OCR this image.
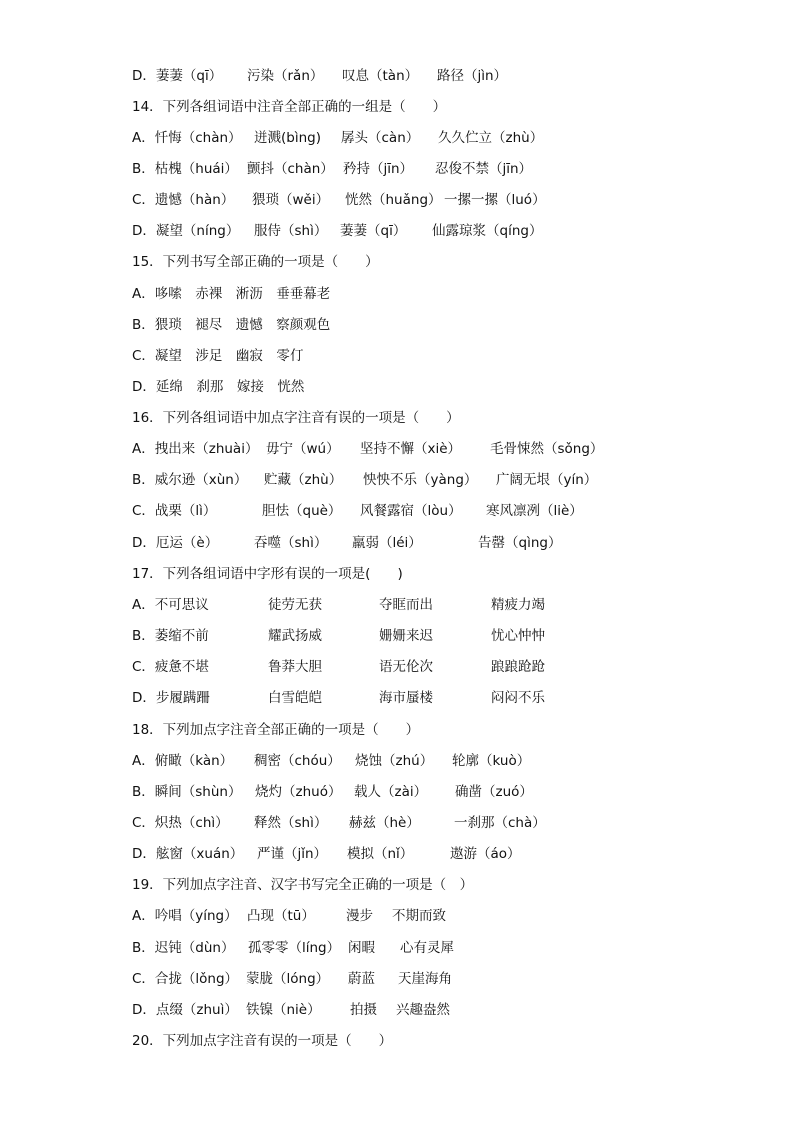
D．萋萋（qī）

污染（rǎn）

叹息（tàn）

路径（jìn）

14．下列各组词语中注音全部正确的一组是（　　）

A．忏悔（chàn）

迸溅(bìng)

孱头（càn）

久久伫立（zhù）

B．枯槐（huái）

颤抖（chàn）

矜持（jīn）

忍俊不禁（jīn）

C．遗憾（hàn）

猥琐（wěi）

恍然（huǎng）

一摞一摞（luó）

D．凝望（níng）

服侍（shì）

萋萋（qī）

仙露琼浆（qíng）

15．下列书写全部正确的一项是（　　）

A．哆嗦　赤裸　淅沥　垂垂幕老

B．猥琐　褪尽　遗憾　察颜观色

C．凝望　涉足　幽寂　零仃

D．延绵　刹那　嫁接　恍然

16．下列各组词语中加点字注音有误的一项是（　　）

A．拽出来（zhuài）

毋宁（wú）

坚持不懈（xiè）

毛骨悚然（sǒng）

B．威尔逊（xùn）

贮藏（zhù）

怏怏不乐（yàng）

广阔无垠（yín）

C．战栗（lì）

	胆怯（què）

风餐露宿（lòu）

寒风凛冽（liè）

D．厄运（è）

	吞噬（shì）

羸弱（léi）

	告罄（qìng）

17．下列各组词语中字形有误的一项是(　　)

A．不可思议

	徒劳无获

	夺眶而出

	精疲力竭

B．萎缩不前

	耀武扬威

	姗姗来迟

	忧心忡忡

C．疲惫不堪

	鲁莽大胆

	语无伦次

	踉踉跄跄

D．步履蹒跚

	白雪皑皑

	海市蜃楼

	闷闷不乐

18．下列加点字注音全部正确的一项是（　　）

A．俯瞰（kàn）

稠密（chóu）

烧蚀（zhú）

轮廓（kuò）

B．瞬间（shùn）

烧灼（zhuó）

载人（zài）

确凿（zuó）

C．炽热（chì）

释然（shì）

赫兹（hè）

	一刹那（chà）

D．舷窗（xuán）

严谨（jǐn）

模拟（nǐ）

	遨游（áo）

19．下列加点字注音、汉字书写完全正确的一项是（　）

A．吟唱（yíng）

凸现（tū）

漫步

不期而致

B．迟钝（dùn）

孤零零（líng）

闲暇

心有灵犀

C．合拢（lǒng）

蒙胧（lóng）

蔚蓝

天崖海角

D．点缀（zhuì）

铁镍（niè）

拍摄

兴趣盎然

20．下列加点字注音有误的一项是（　　）
